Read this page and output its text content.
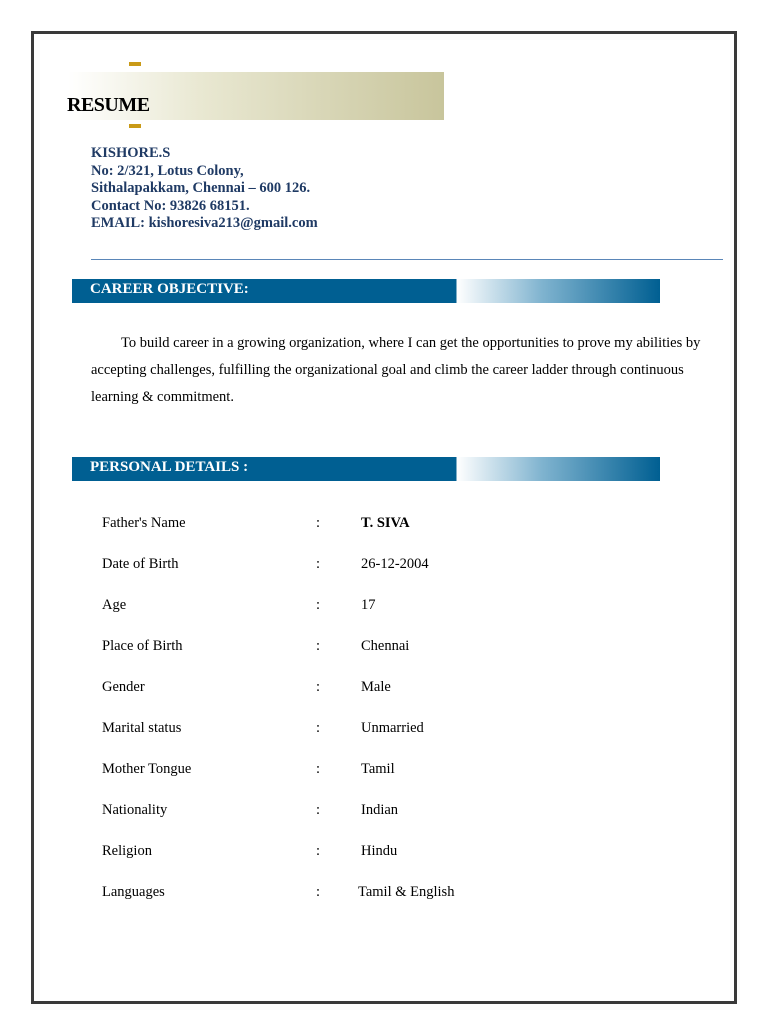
RESUME
KISHORE.S
No: 2/321, Lotus Colony,
Sithalapakkam, Chennai – 600 126.
Contact No: 93826 68151.
EMAIL: kishoresiva213@gmail.com
CAREER OBJECTIVE:

To build career in a growing organization, where I can get the opportunities to prove my abilities by accepting challenges, fulfilling the organizational goal and climb the career ladder through continuous learning & commitment.

PERSONAL DETAILS :
Father's Name	:	T. SIVA
Date of Birth	:	26-12-2004
Age	:	17
Place of Birth	:	Chennai
Gender	:	Male
Marital status	:	Unmarried
Mother Tongue	:	Tamil
Nationality	:	Indian
Religion	:	Hindu
Languages	:	Tamil & English
